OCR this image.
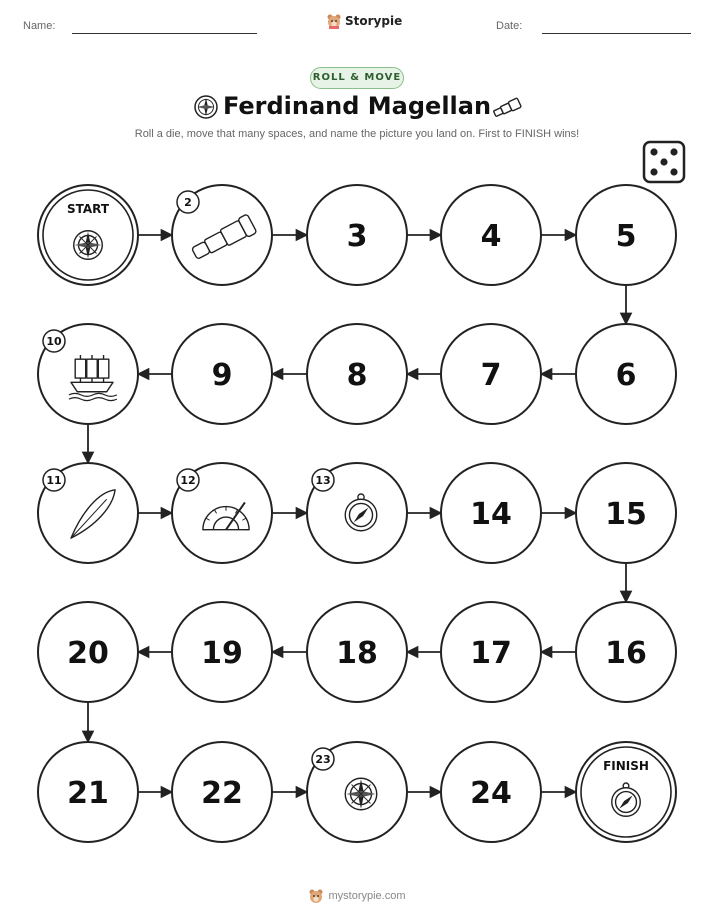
Name:	Storypie	Date:
ROLL & MOVE
Ferdinand Magellan
Roll a die, move that many spaces, and name the picture you land on. First to FINISH wins!
START	2
3	4	5
6
7
8
9
10
11	12	13
14	15
16
17
18
19
20
21	22
23
24
FINISH
mystorypie.com
